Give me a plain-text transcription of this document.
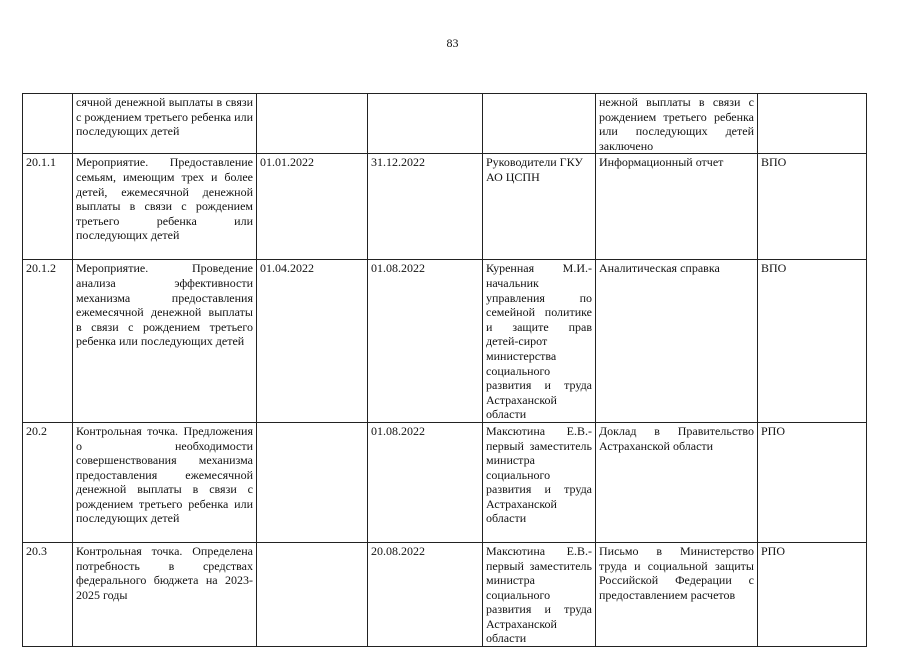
83
	сячной денежной выплаты в связи с рождением третьего ребенка или последующих детей				нежной выплаты в связи с рождением третьего ребенка или последующих детей заключено	
20.1.1	Мероприятие. Предоставление семьям, имеющим трех и более детей, ежемесячной денежной выплаты в связи с рождением третьего ребенка или последующих детей	01.01.2022	31.12.2022	Руководители ГКУ АО ЦСПН	Информационный отчет	ВПО
20.1.2	Мероприятие. Проведение анализа эффективности механизма предоставления ежемесячной денежной выплаты в связи с рождением третьего ребенка или последующих детей	01.04.2022	01.08.2022	Куренная М.И.- начальник управления по семейной политике и защите прав детей-сирот министерства социального развития и труда Астраханской области	Аналитическая справка	ВПО
20.2	Контрольная точка. Предложения о необходимости совершенствования механизма предоставления ежемесячной денежной выплаты в связи с рождением третьего ребенка или последующих детей		01.08.2022	Максютина Е.В.- первый заместитель министра социального развития и труда Астраханской области	Доклад в Правительство Астраханской области	РПО
20.3	Контрольная точка. Определена потребность в средствах федерального бюджета на 2023-2025 годы		20.08.2022	Максютина Е.В.- первый заместитель министра социального развития и труда Астраханской области	Письмо в Министерство труда и социальной защиты Российской Федерации с предоставлением расчетов	РПО
